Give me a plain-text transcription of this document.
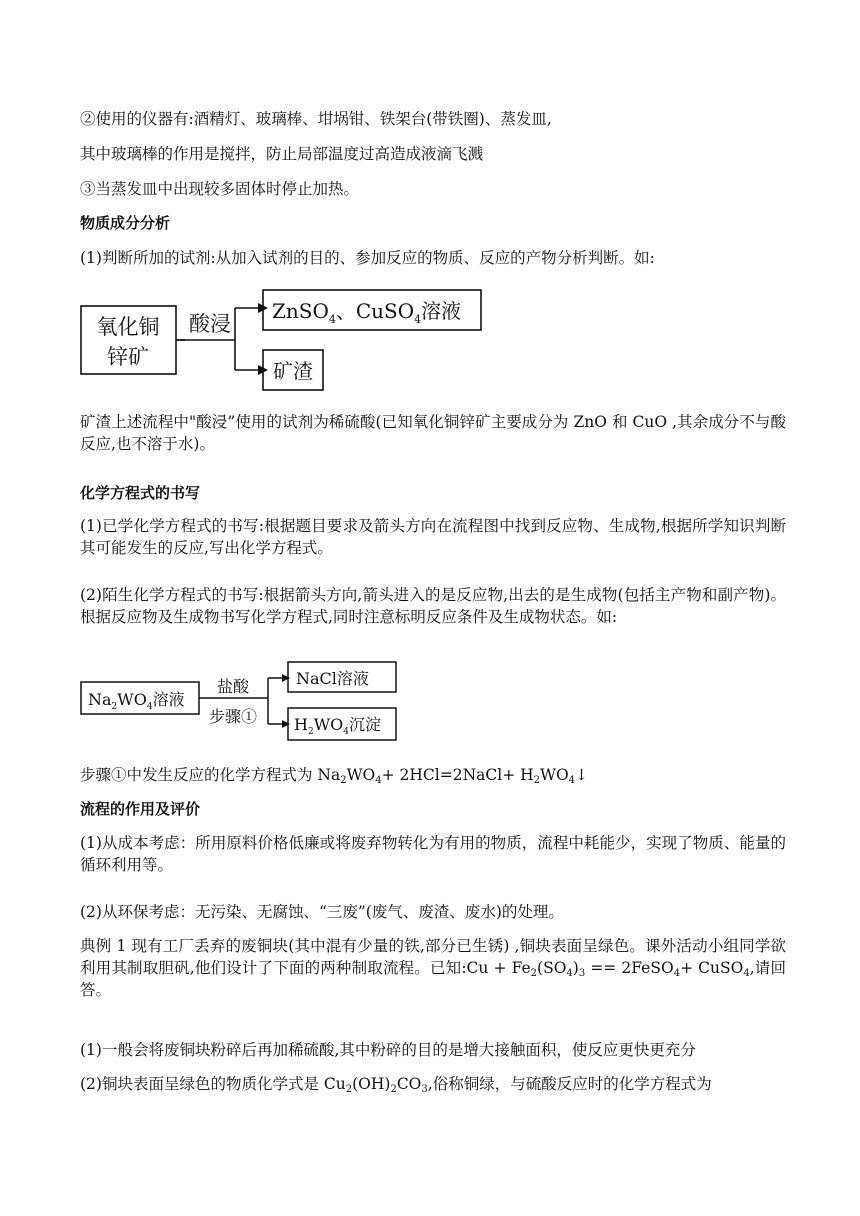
②使用的仪器有:酒精灯、玻璃棒、坩埚钳、铁架台(带铁圈)、蒸发皿,
其中玻璃棒的作用是搅拌，防止局部温度过高造成液滴飞溅
③当蒸发皿中出现较多固体时停止加热。
物质成分分析
(1)判断所加的试剂:从加入试剂的目的、参加反应的物质、反应的产物分析判断。如:
氧化铜
锌矿
酸浸
ZnSO$_4$、CuSO$_4$溶液
矿渣
矿渣上述流程中"酸浸”使用的试剂为稀硫酸(已知氧化铜锌矿主要成分为 ZnO 和 CuO ,其余成分不与酸反应,也不溶于水)。
化学方程式的书写
(1)已学化学方程式的书写:根据题目要求及箭头方向在流程图中找到反应物、生成物,根据所学知识判断其可能发生的反应,写出化学方程式。
(2)陌生化学方程式的书写:根据箭头方向,箭头进入的是反应物,出去的是生成物(包括主产物和副产物)。根据反应物及生成物书写化学方程式,同时注意标明反应条件及生成物状态。如:
$Na_2WO_4$溶液
盐酸
步骤①
NaCl溶液
$H_2WO_4$沉淀
步骤①中发生反应的化学方程式为 $Na_2WO_4+$ 2HCl=2NaCl+ $H_2WO_4↓$
流程的作用及评价
(1)从成本考虑：所用原料价格低廉或将废弃物转化为有用的物质，流程中耗能少，实现了物质、能量的循环利用等。
(2)从环保考虑：无污染、无腐蚀、“三废”(废气、废渣、废水)的处理。
典例 1 现有工厂丢弃的废铜块(其中混有少量的铁,部分已生锈) ,铜块表面呈绿色。课外活动小组同学欲利用其制取胆矾,他们设计了下面的两种制取流程。已知:Cu + $Fe_2(SO_4)_3$ == 2FeSO$_4$+ CuSO$_4$,请回答。
(1)一般会将废铜块粉碎后再加稀硫酸,其中粉碎的目的是增大接触面积，使反应更快更充分
(2)铜块表面呈绿色的物质化学式是 $Cu_2(OH)_2CO_3$,俗称铜绿，与硫酸反应时的化学方程式为
